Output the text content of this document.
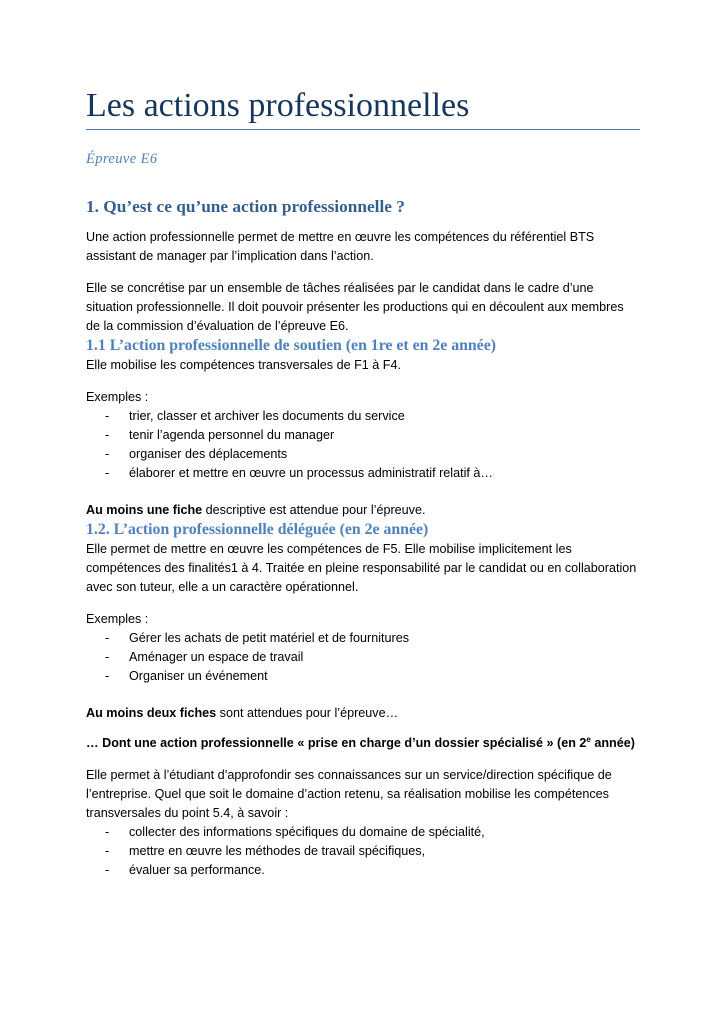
Les actions professionnelles

Épreuve E6

1. Qu’est ce qu’une action professionnelle ?

Une action professionnelle permet de mettre en œuvre les compétences du référentiel BTS assistant de manager par l’implication dans l’action.

Elle se concrétise par un ensemble de tâches réalisées par le candidat dans le cadre d’une situation professionnelle. Il doit pouvoir présenter les productions qui en découlent aux membres de la commission d’évaluation de l’épreuve E6.

1.1 L’action professionnelle de soutien (en 1re et en 2e année)

Elle mobilise les compétences transversales de F1 à F4.

Exemples :

- trier, classer et archiver les documents du service
- tenir l’agenda personnel du manager
- organiser des déplacements
- élaborer et mettre en œuvre un processus administratif relatif à…

Au moins une fiche descriptive est attendue pour l’épreuve.

1.2. L’action professionnelle déléguée (en 2e année)

Elle permet de mettre en œuvre les compétences de F5. Elle mobilise implicitement les compétences des finalités1 à 4. Traitée en pleine responsabilité par le candidat ou en collaboration avec son tuteur, elle a un caractère opérationnel.

Exemples :

- Gérer les achats de petit matériel et de fournitures
- Aménager un espace de travail
- Organiser un événement

Au moins deux fiches sont attendues pour l’épreuve…

… Dont une action professionnelle « prise en charge d’un dossier spécialisé » (en 2e année)

Elle permet à l’étudiant d’approfondir ses connaissances sur un service/direction spécifique de l’entreprise. Quel que soit le domaine d’action retenu, sa réalisation mobilise les compétences transversales du point 5.4, à savoir :

- collecter des informations spécifiques du domaine de spécialité,
- mettre en œuvre les méthodes de travail spécifiques,
- évaluer sa performance.
